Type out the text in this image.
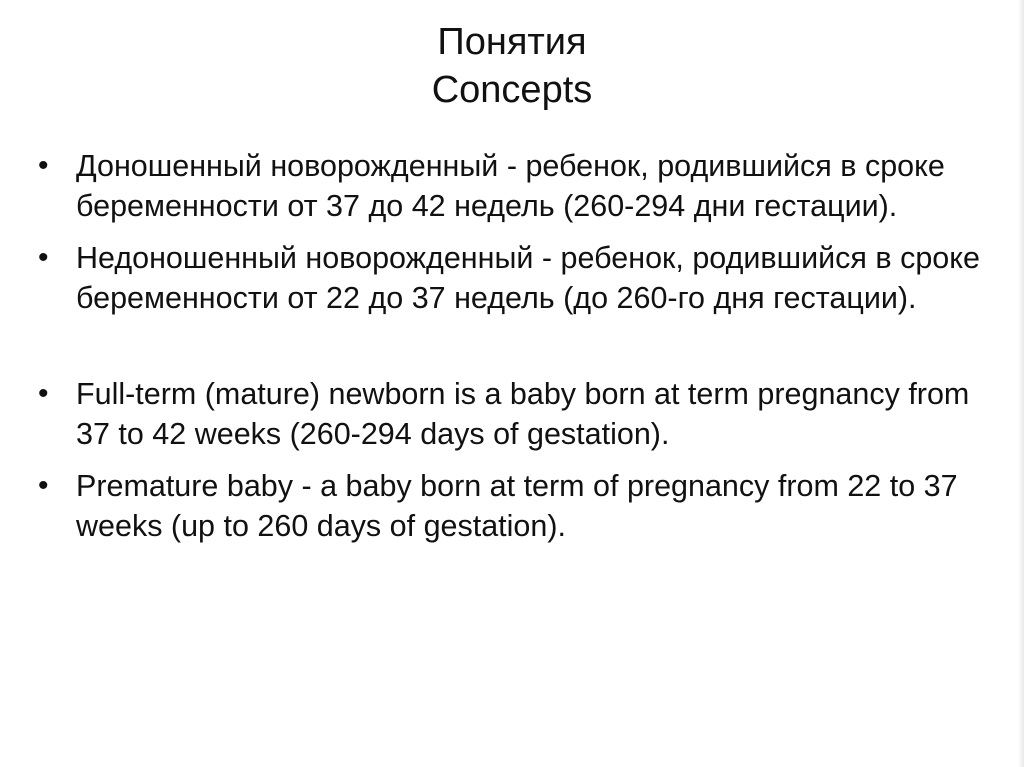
Понятия
Concepts
• Доношенный новорожденный - ребенок, родившийся в сроке беременности от 37 до 42 недель (260-294 дни гестации).
• Недоношенный новорожденный - ребенок, родившийся в сроке беременности от 22 до 37 недель (до 260-го дня гестации).
• Full-term (mature) newborn is a baby born at term pregnancy from 37 to 42 weeks (260-294 days of gestation).
• Premature baby - a baby born at term of pregnancy from 22 to 37 weeks (up to 260 days of gestation).
